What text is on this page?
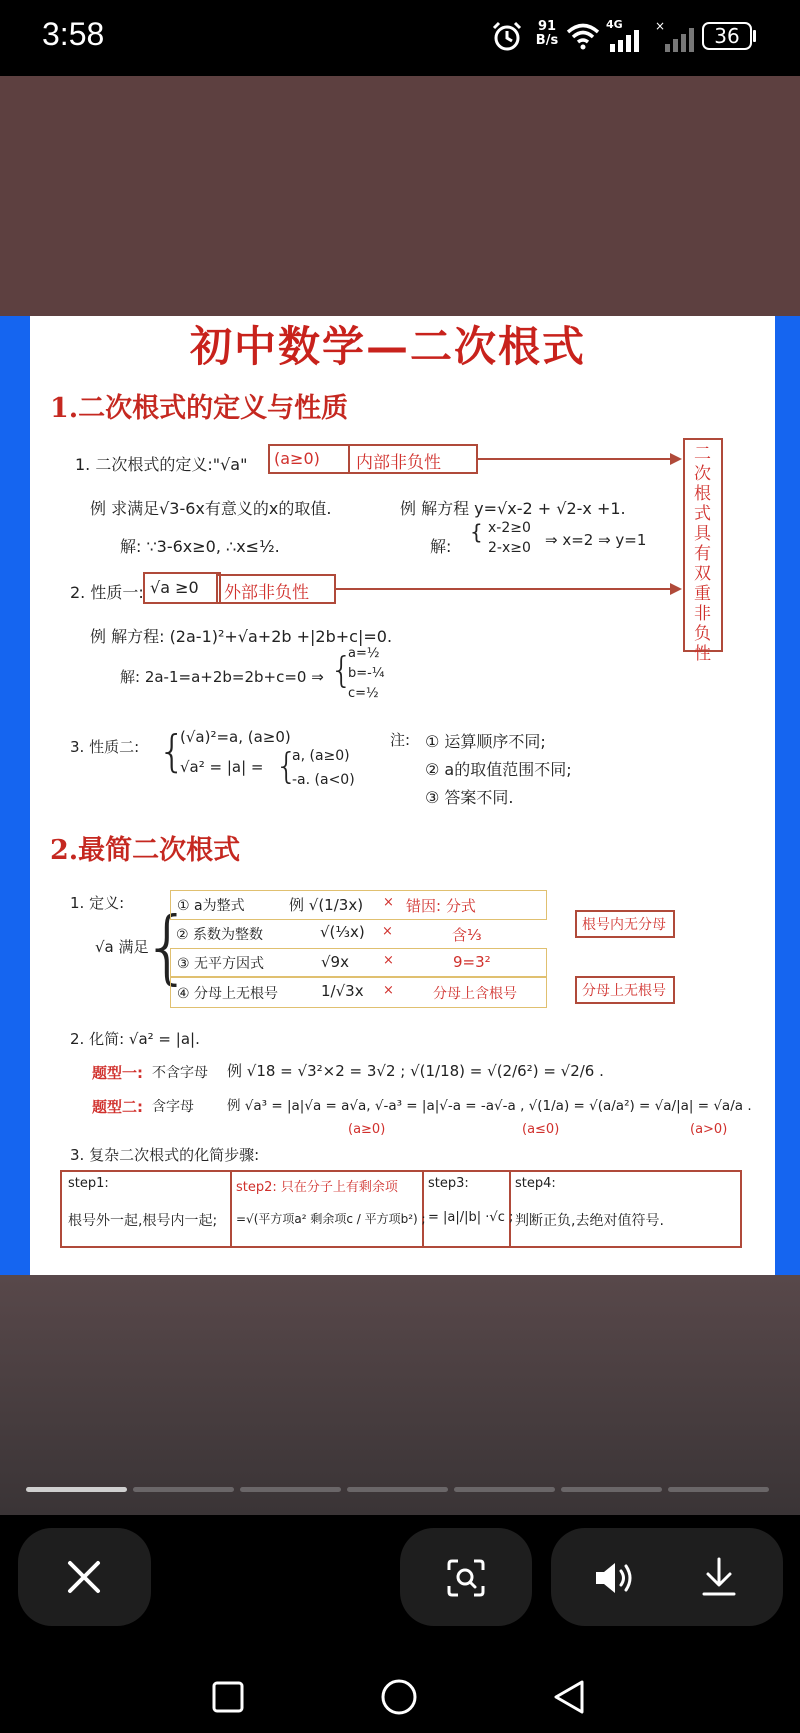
3:58	91
B/s
4G	×	36
初中数学—二次根式
1.二次根式的定义与性质
1. 二次根式的定义:"√a" (a≥0) 内部非负性	二次根式具有双重非负性
例 求满足√3-6x有意义的x的取值.
解: ∵3-6x≥0, ∴x≤½.
例 解方程 y=√x-2 + √2-x +1.
解:
{ x-2≥0
2-x≥0 ⇒ x=2 ⇒ y=1
2. 性质一: √a ≥0 外部非负性
例 解方程: (2a-1)²+√a+2b +|2b+c|=0.
解: 2a-1=a+2b=2b+c=0 ⇒ {
a=½
b=-¼
c=½
3. 性质二: {
(√a)²=a, (a≥0)
√a² = |a| = {
a, (a≥0)
-a. (a<0)
注: ① 运算顺序不同;
② a的取值范围不同;
③ 答案不同.
2.最简二次根式
1. 定义:
√a 满足
{
① a为整式	例 √(1/3x) × 错因: 分式
② 系数为整数	√(⅓x) ×	含⅓
③ 无平方因式	√9x	×	9=3²
④ 分母上无根号	1/√3x ×	分母上含根号
根号内无分母
分母上无根号
2. 化简: √a² = |a|.
题型一: 不含字母 例 √18 = √3²×2 = 3√2 ; √(1/18) = √(2/6²) = √2/6 .
题型二: 含字母 例 √a³ = |a|√a = a√a, √-a³ = |a|√-a = -a√-a , √(1/a) = √(a/a²) = √a/|a| = √a/a .
(a≥0)	(a≤0)	(a>0)
3. 复杂二次根式的化简步骤:
step1:
根号外一起,根号内一起;
step2: 只在分子上有剩余项
=√(平方项a² 剩余项c / 平方项b²) ;
step3:
= |a|/|b| ·√c ;
step4:
判断正负,去绝对值符号.
